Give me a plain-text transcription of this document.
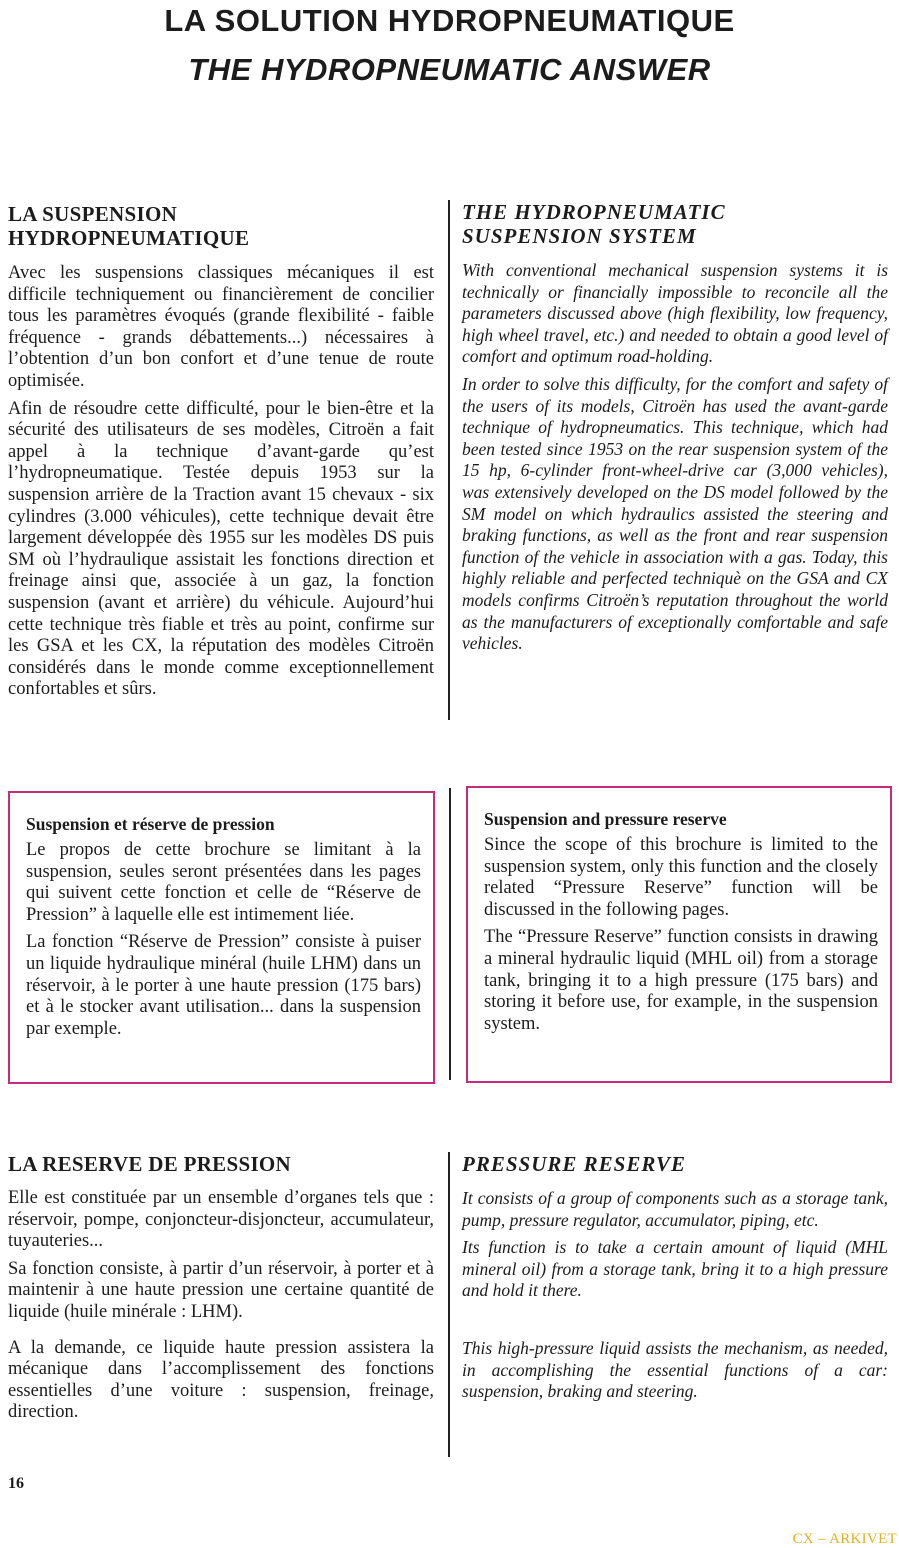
LA SOLUTION HYDROPNEUMATIQUE
THE HYDROPNEUMATIC ANSWER
LA SUSPENSION
HYDROPNEUMATIQUE

Avec les suspensions classiques mécaniques il est difficile techniquement ou financièrement de concilier tous les paramètres évoqués (grande flexibilité - faible fréquence - grands débattements...) nécessaires à l’obtention d’un bon confort et d’une tenue de route optimisée.

Afin de résoudre cette difficulté, pour le bien-être et la sécurité des utilisateurs de ses modèles, Citroën a fait appel à la technique d’avant-garde qu’est l’hydropneumatique. Testée depuis 1953 sur la suspension arrière de la Traction avant 15 chevaux - six cylindres (3.000 véhicules), cette technique devait être largement développée dès 1955 sur les modèles DS puis SM où l’hydraulique assistait les fonctions direction et freinage ainsi que, associée à un gaz, la fonction suspension (avant et arrière) du véhicule. Aujourd’hui cette technique très fiable et très au point, confirme sur les GSA et les CX, la réputation des modèles Citroën considérés dans le monde comme exceptionnellement confortables et sûrs.

THE HYDROPNEUMATIC
SUSPENSION SYSTEM

With conventional mechanical suspension systems it is technically or financially impossible to reconcile all the parameters discussed above (high flexibility, low frequency, high wheel travel, etc.) and needed to obtain a good level of comfort and optimum road-holding.

In order to solve this difficulty, for the comfort and safety of the users of its models, Citroën has used the avant-garde technique of hydropneumatics. This technique, which had been tested since 1953 on the rear suspension system of the 15 hp, 6-cylinder front-wheel-drive car (3,000 vehicles), was extensively developed on the DS model followed by the SM model on which hydraulics assisted the steering and braking functions, as well as the front and rear suspension function of the vehicle in association with a gas. Today, this highly reliable and perfected techniquè on the GSA and CX models confirms Citroën’s reputation throughout the world as the manufacturers of exceptionally comfortable and safe vehicles.

Suspension et réserve de pression

Le propos de cette brochure se limitant à la suspension, seules seront présentées dans les pages qui suivent cette fonction et celle de “Réserve de Pression” à laquelle elle est intimement liée.

La fonction “Réserve de Pression” consiste à puiser un liquide hydraulique minéral (huile LHM) dans un réservoir, à le porter à une haute pression (175 bars) et à le stocker avant utilisation... dans la suspension par exemple.

Suspension and pressure reserve

Since the scope of this brochure is limited to the suspension system, only this function and the closely related “Pressure Reserve” function will be discussed in the following pages.

The “Pressure Reserve” function consists in drawing a mineral hydraulic liquid (MHL oil) from a storage tank, bringing it to a high pressure (175 bars) and storing it before use, for example, in the suspension system.

LA RESERVE DE PRESSION

Elle est constituée par un ensemble d’organes tels que : réservoir, pompe, conjoncteur-disjoncteur, accumulateur, tuyauteries...

Sa fonction consiste, à partir d’un réservoir, à porter et à maintenir à une haute pression une certaine quantité de liquide (huile minérale : LHM).

A la demande, ce liquide haute pression assistera la mécanique dans l’accomplissement des fonctions essentielles d’une voiture : suspension, freinage, direction.

PRESSURE RESERVE

It consists of a group of components such as a storage tank, pump, pressure regulator, accumulator, piping, etc.

Its function is to take a certain amount of liquid (MHL mineral oil) from a storage tank, bring it to a high pressure and hold it there.

This high-pressure liquid assists the mechanism, as needed, in accomplishing the essential functions of a car: suspension, braking and steering.

16
CX – ARKIVET
